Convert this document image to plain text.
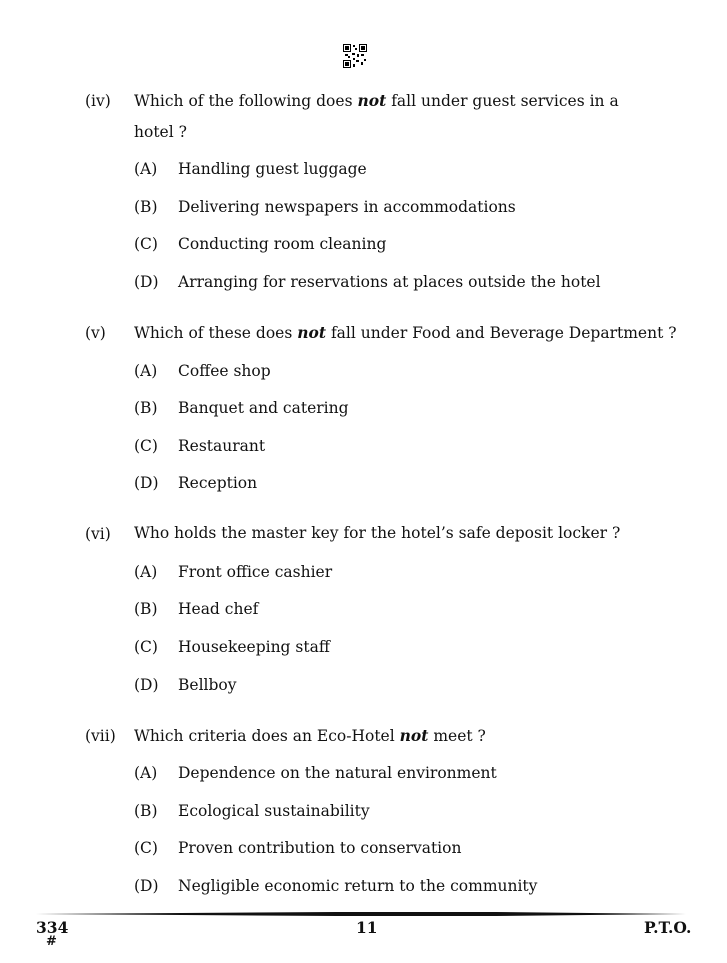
(iv) Which of the following does not fall under guest services in a hotel ?
(A) Handling guest luggage
(B) Delivering newspapers in accommodations
(C) Conducting room cleaning
(D) Arranging for reservations at places outside the hotel
(v) Which of these does not fall under Food and Beverage Department ?
(A) Coffee shop
(B) Banquet and catering
(C) Restaurant
(D) Reception
(vi) Who holds the master key for the hotel’s safe deposit locker ?
(A) Front office cashier
(B) Head chef
(C) Housekeeping staff
(D) Bellboy
(vii) Which criteria does an Eco-Hotel not meet ?
(A) Dependence on the natural environment
(B) Ecological sustainability
(C) Proven contribution to conservation
(D) Negligible economic return to the community
334
#
11	P.T.O.
